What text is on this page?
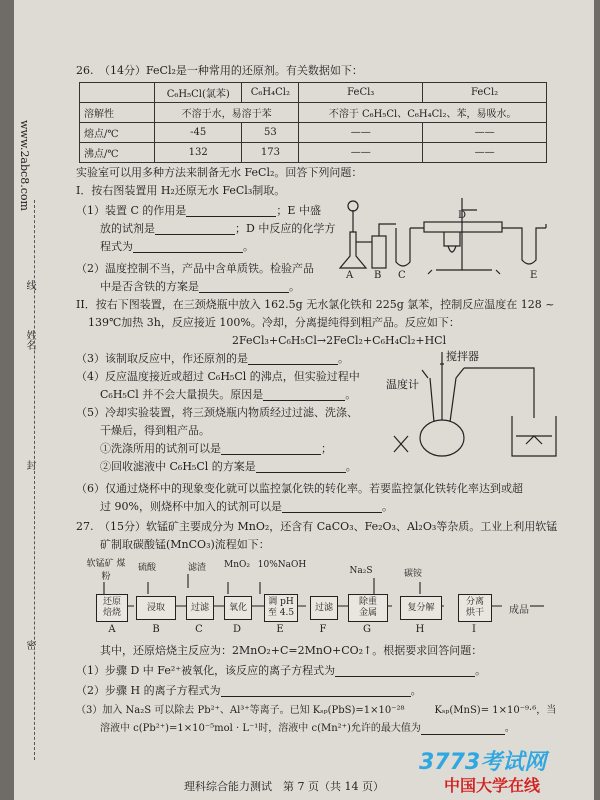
www.2abc8.com
线
姓名
封
密
26.　（14分）FeCl₂是一种常用的还原剂。有关数据如下：
	C₆H₅Cl(氯苯)	C₆H₄Cl₂	FeCl₃	FeCl₂
溶解性	不溶于水，易溶于苯		不溶于 C₆H₅Cl、C₆H₄Cl₂、苯，易吸水。	
熔点/℃	-45	53	——	——
沸点/℃	132	173	——	——
实验室可以用多种方法来制备无水 FeCl₂。回答下列问题：
I．按右图装置用 H₂还原无水 FeCl₃制取。
（1）装置 C 的作用是	；E 中盛
放的试剂是	；D 中反应的化学方
程式为	。
（2）温度控制不当，产品中含单质铁。检验产品
中是否含铁的方案是	。
A B C
D
E
II．按右下图装置，在三颈烧瓶中放入 162.5g 无水氯化铁和 225g 氯苯，控制反应温度在 128 ~
139℃加热 3h，反应接近 100%。冷却，分离提纯得到粗产品。反应如下：
2FeCl₃+C₆H₅Cl→2FeCl₂+C₆H₄Cl₂+HCl
（3）该制取反应中，作还原剂的是	。
（4）反应温度接近或超过 C₆H₅Cl 的沸点，但实验过程中
C₆H₅Cl 并不会大量损失。原因是	。
（5）冷却实验装置，将三颈烧瓶内物质经过过滤、洗涤、
干燥后，得到粗产品。
①洗涤所用的试剂可以是	；
②回收滤液中 C₆H₅Cl 的方案是	。
搅拌器
温度计
（6）仅通过烧杯中的现象变化就可以监控氯化铁的转化率。若要监控氯化铁转化率达到或超
过 90%，则烧杯中加入的试剂可以是	。
27.　（15分）软锰矿主要成分为 MnO₂，还含有 CaCO₃、Fe₂O₃、Al₂O₃等杂质。工业上利用软锰
矿制取碳酸锰(MnCO₃)流程如下：
软锰矿 煤粉
硫酸	滤渣	MnO₂ 10%NaOH
Na₂S	碳铵
还原
焙烧
浸取	过滤	氧化
调 pH
至 4.5
过滤
除重
金属
复分解
分离
烘干	成品
A	B	C	D	E	F	G	H	I
其中，还原焙烧主反应为：2MnO₂+C=2MnO+CO₂↑。根据要求回答问题：
（1）步骤 D 中 Fe²⁺被氧化，该反应的离子方程式为	。
（2）步骤 H 的离子方程式为	。
（3）加入 Na₂S 可以除去 Pb²⁺、Al³⁺等离子。已知 Kₛₚ(PbS)=1×10⁻²⁸　　　Kₛₚ(MnS)= 1×10⁻⁹·⁶，当
溶液中 c(Pb²⁺)=1×10⁻⁵mol · L⁻¹时，溶液中 c(Mn²⁺)允许的最大值为	。
理科综合能力测试　第 7 页（共 14 页）
3773考试网
中国大学在线
